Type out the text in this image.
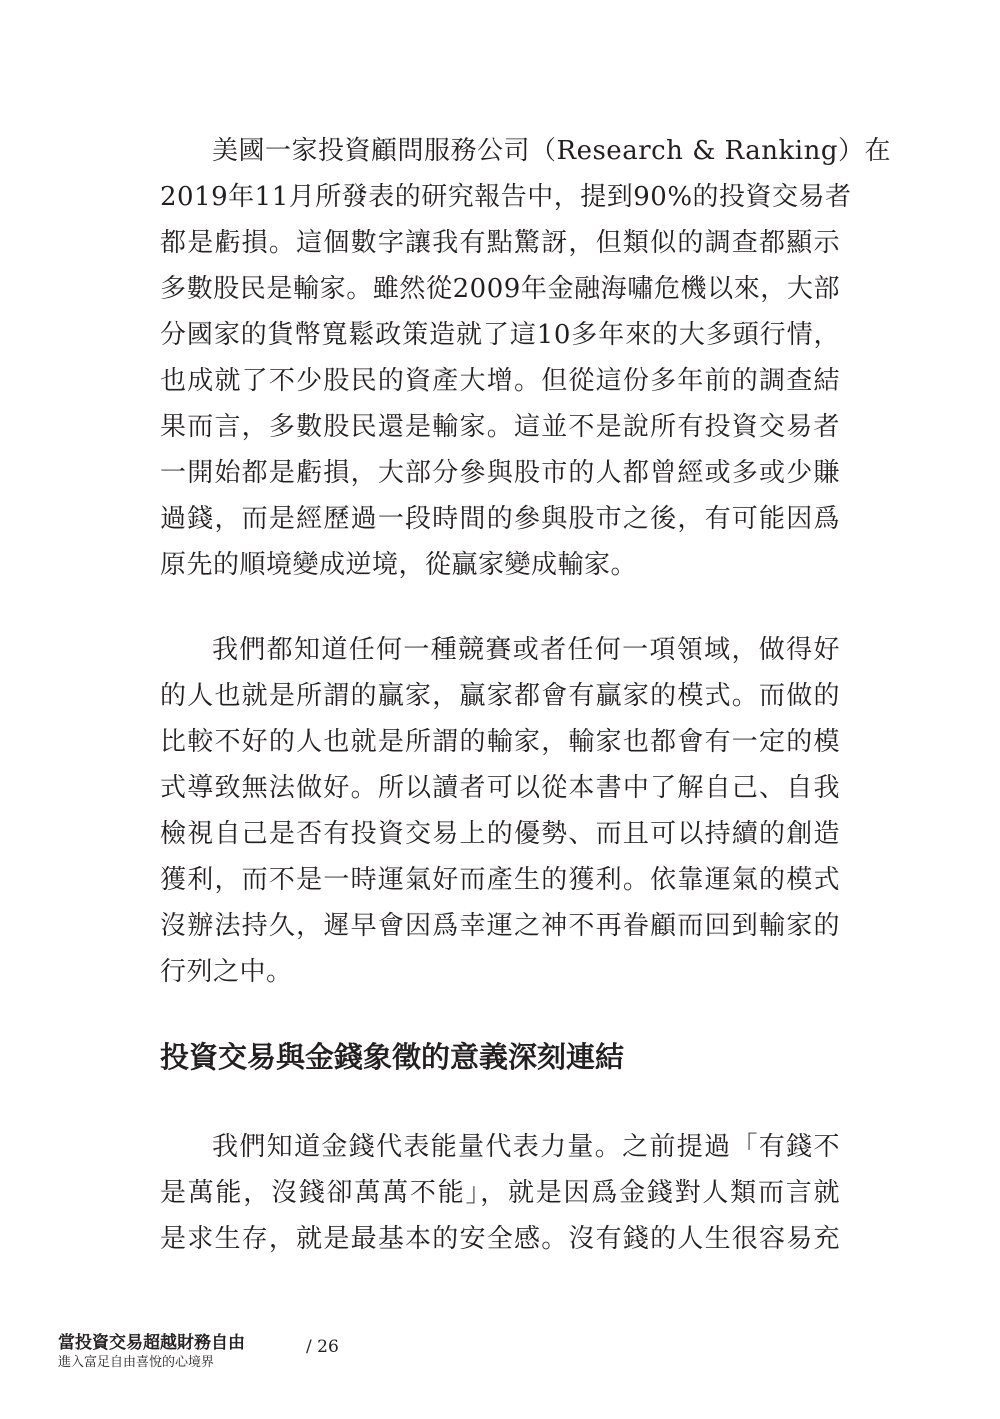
美國一家投資顧問服務公司（Research & Ranking）在
2019年11月所發表的研究報告中，提到90%的投資交易者
都是虧損。這個數字讓我有點驚訝，但類似的調查都顯示
多數股民是輸家。雖然從2009年金融海嘯危機以來，大部
分國家的貨幣寬鬆政策造就了這10多年來的大多頭行情，
也成就了不少股民的資產大增。但從這份多年前的調查結
果而言，多數股民還是輸家。這並不是說所有投資交易者
一開始都是虧損，大部分參與股市的人都曾經或多或少賺
過錢，而是經歷過一段時間的參與股市之後，有可能因爲
原先的順境變成逆境，從贏家變成輸家。
我們都知道任何一種競賽或者任何一項領域，做得好
的人也就是所謂的贏家，贏家都會有贏家的模式。而做的
比較不好的人也就是所謂的輸家，輸家也都會有一定的模
式導致無法做好。所以讀者可以從本書中了解自己、自我
檢視自己是否有投資交易上的優勢、而且可以持續的創造
獲利，而不是一時運氣好而產生的獲利。依靠運氣的模式
沒辦法持久，遲早會因爲幸運之神不再眷顧而回到輸家的
行列之中。
投資交易與金錢象徵的意義深刻連結
我們知道金錢代表能量代表力量。之前提過「有錢不
是萬能，沒錢卻萬萬不能」，就是因爲金錢對人類而言就
是求生存，就是最基本的安全感。沒有錢的人生很容易充
當投資交易超越財務自由
進入富足自由喜悅的心境界
/ 26
